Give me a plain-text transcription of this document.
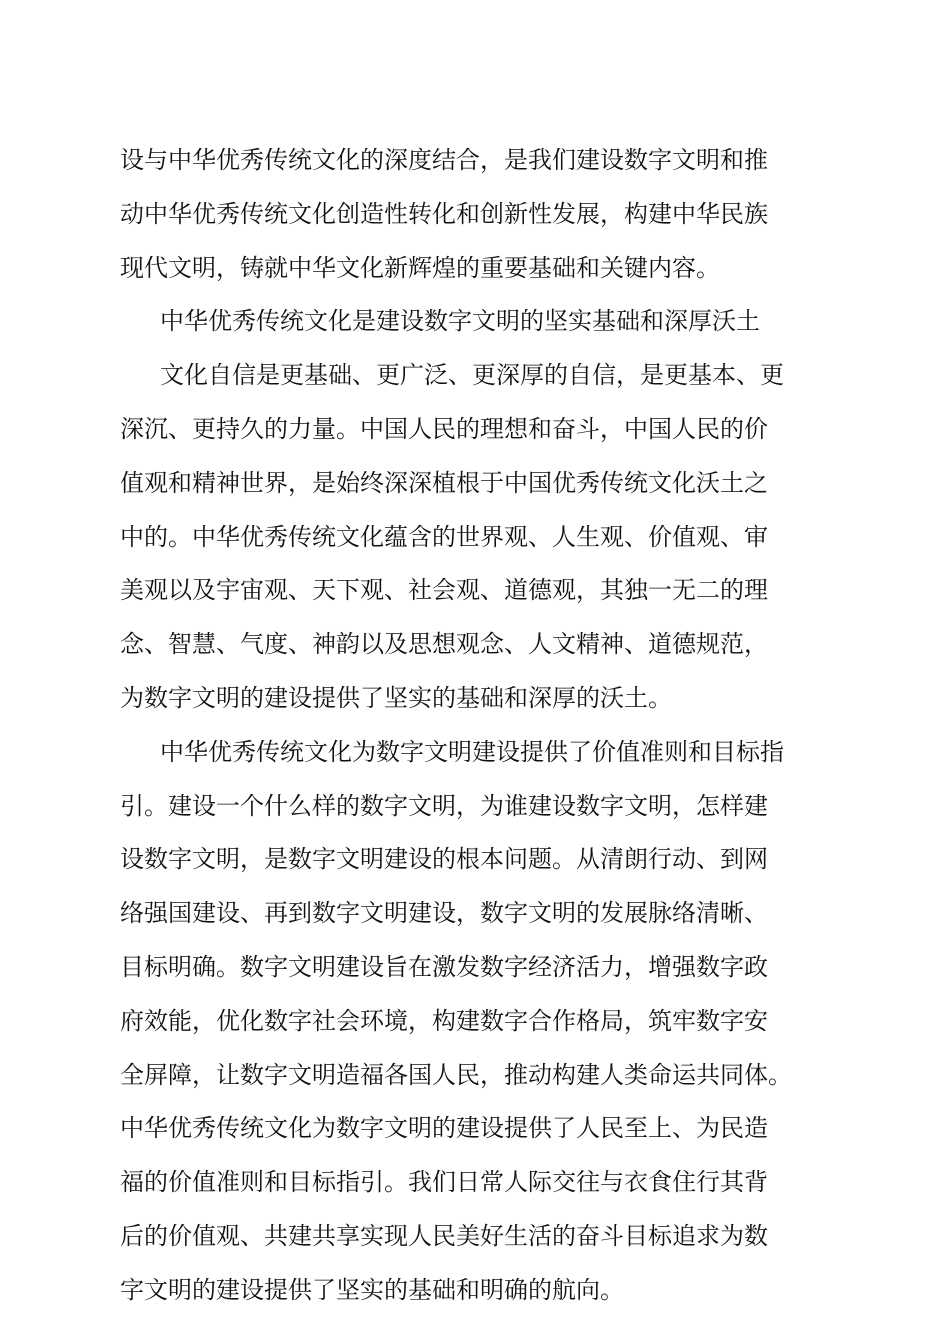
设与中华优秀传统文化的深度结合，是我们建设数字文明和推
动中华优秀传统文化创造性转化和创新性发展，构建中华民族
现代文明，铸就中华文化新辉煌的重要基础和关键内容。
中华优秀传统文化是建设数字文明的坚实基础和深厚沃土
文化自信是更基础、更广泛、更深厚的自信，是更基本、更
深沉、更持久的力量。中国人民的理想和奋斗，中国人民的价
值观和精神世界，是始终深深植根于中国优秀传统文化沃土之
中的。中华优秀传统文化蕴含的世界观、人生观、价值观、审
美观以及宇宙观、天下观、社会观、道德观，其独一无二的理
念、智慧、气度、神韵以及思想观念、人文精神、道德规范，
为数字文明的建设提供了坚实的基础和深厚的沃土。
中华优秀传统文化为数字文明建设提供了价值准则和目标指
引。建设一个什么样的数字文明，为谁建设数字文明，怎样建
设数字文明，是数字文明建设的根本问题。从清朗行动、到网
络强国建设、再到数字文明建设，数字文明的发展脉络清晰、
目标明确。数字文明建设旨在激发数字经济活力，增强数字政
府效能，优化数字社会环境，构建数字合作格局，筑牢数字安
全屏障，让数字文明造福各国人民，推动构建人类命运共同体。
中华优秀传统文化为数字文明的建设提供了人民至上、为民造
福的价值准则和目标指引。我们日常人际交往与衣食住行其背
后的价值观、共建共享实现人民美好生活的奋斗目标追求为数
字文明的建设提供了坚实的基础和明确的航向。
